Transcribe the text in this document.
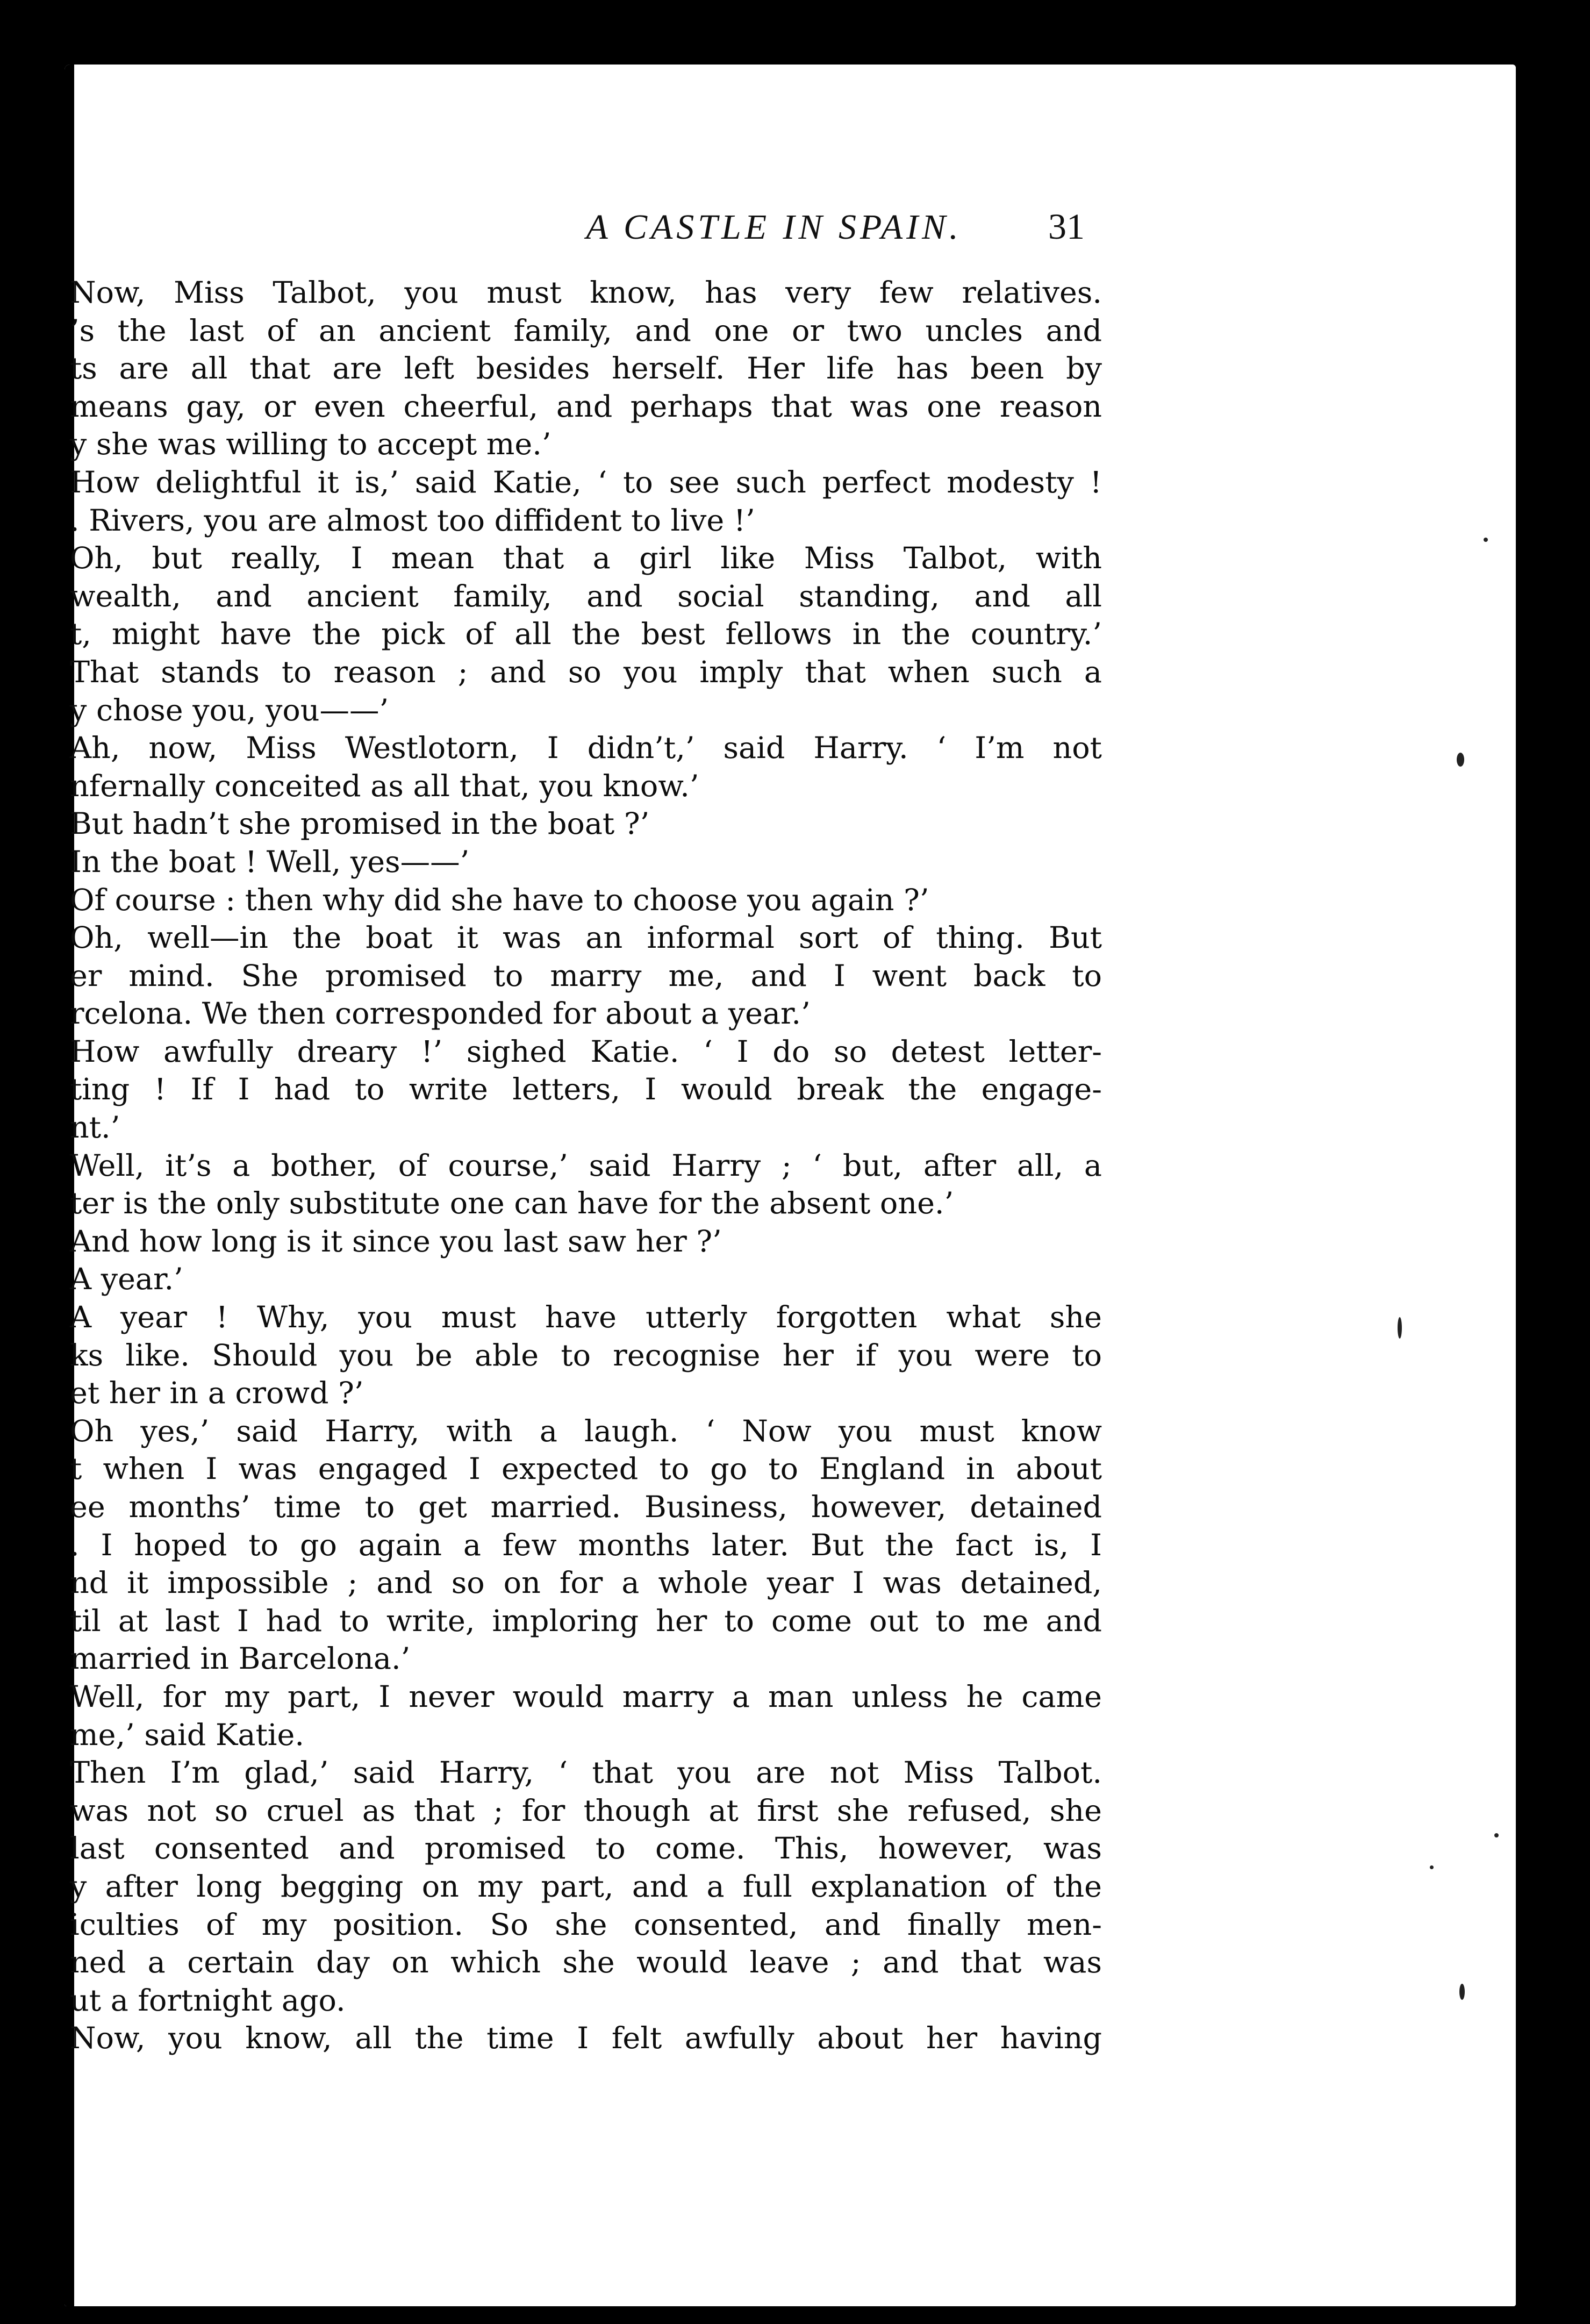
A CASTLE IN SPAIN.	31
Now, Miss Talbot, you must know, has very few relatives.
’s the last of an ancient family, and one or two uncles and
ts are all that are left besides herself. Her life has been by
means gay, or even cheerful, and perhaps that was one reason
y she was willing to accept me.’
How delightful it is,’ said Katie, ‘ to see such perfect modesty !
. Rivers, you are almost too diffident to live !’
Oh, but really, I mean that a girl like Miss Talbot, with
wealth, and ancient family, and social standing, and all
t, might have the pick of all the best fellows in the country.’
That stands to reason ; and so you imply that when such a
y chose you, you——’
Ah, now, Miss Westlotorn, I didn’t,’ said Harry. ‘ I’m not
nfernally conceited as all that, you know.’
But hadn’t she promised in the boat ?’
In the boat ! Well, yes——’
Of course : then why did she have to choose you again ?’
Oh, well—in the boat it was an informal sort of thing. But
er mind. She promised to marry me, and I went back to
rcelona. We then corresponded for about a year.’
How awfully dreary !’ sighed Katie. ‘ I do so detest letter-
ting ! If I had to write letters, I would break the engage-
nt.’
Well, it’s a bother, of course,’ said Harry ; ‘ but, after all, a
ter is the only substitute one can have for the absent one.’
And how long is it since you last saw her ?’
A year.’
A year ! Why, you must have utterly forgotten what she
ks like. Should you be able to recognise her if you were to
et her in a crowd ?’
Oh yes,’ said Harry, with a laugh. ‘ Now you must know
t when I was engaged I expected to go to England in about
ee months’ time to get married. Business, however, detained
. I hoped to go again a few months later. But the fact is, I
nd it impossible ; and so on for a whole year I was detained,
til at last I had to write, imploring her to come out to me and
married in Barcelona.’
Well, for my part, I never would marry a man unless he came
me,’ said Katie.
Then I’m glad,’ said Harry, ‘ that you are not Miss Talbot.
was not so cruel as that ; for though at first she refused, she
last consented and promised to come. This, however, was
y after long begging on my part, and a full explanation of the
iculties of my position. So she consented, and finally men-
ned a certain day on which she would leave ; and that was
ut a fortnight ago.
Now, you know, all the time I felt awfully about her having
